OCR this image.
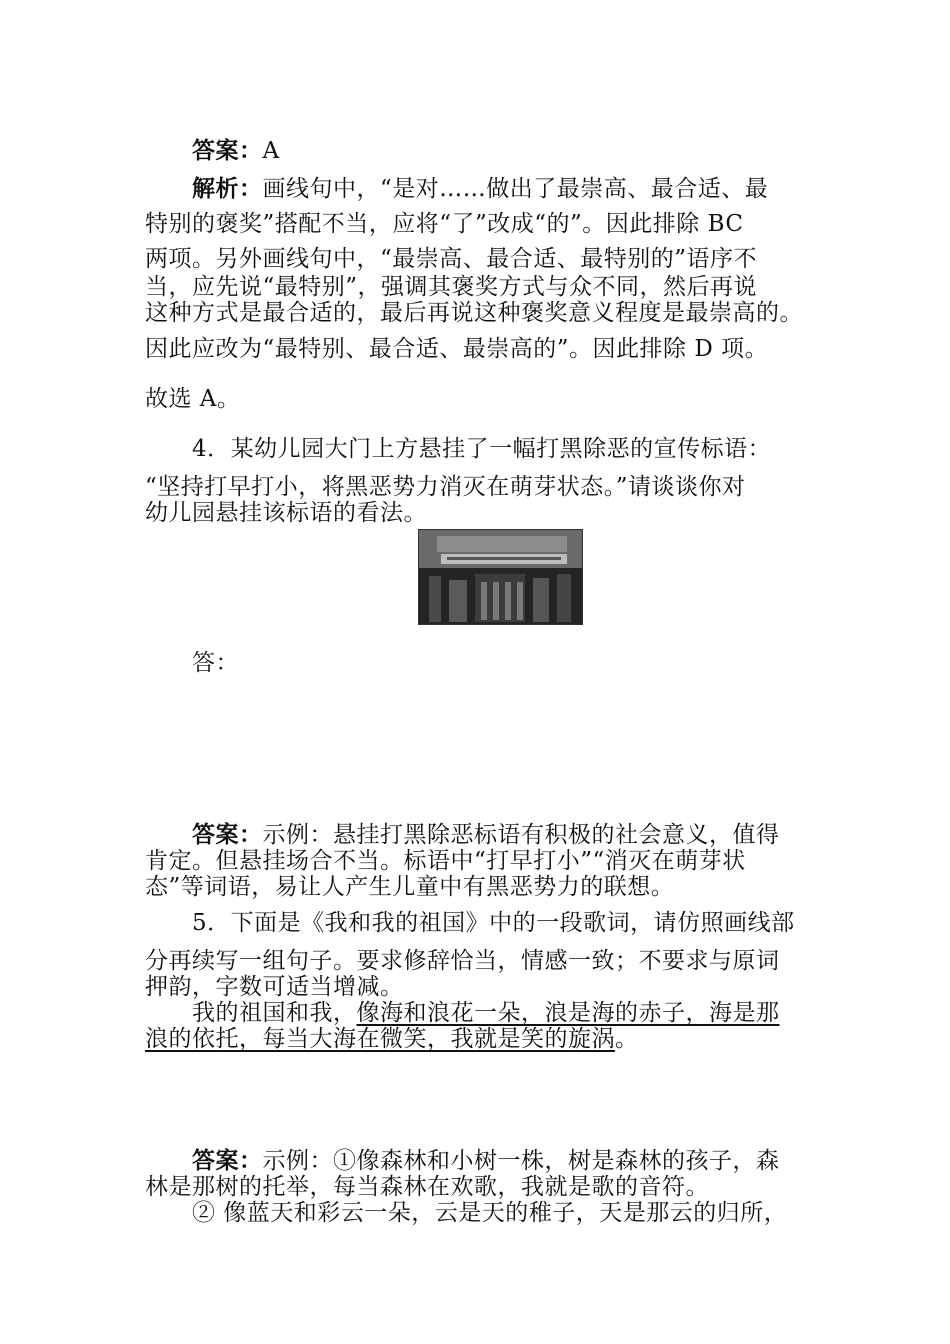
答案：A
解析：画线句中，“是对……做出了最崇高、最合适、最
特别的褒奖”搭配不当，应将“了”改成“的”。因此排除 BC
两项。另外画线句中，“最崇高、最合适、最特别的”语序不
当，应先说“最特别”，强调其褒奖方式与众不同，然后再说
这种方式是最合适的，最后再说这种褒奖意义程度是最崇高的。
因此应改为“最特别、最合适、最崇高的”。因此排除 D 项。
故选 A。
4．某幼儿园大门上方悬挂了一幅打黑除恶的宣传标语：
“坚持打早打小，将黑恶势力消灭在萌芽状态。”请谈谈你对
幼儿园悬挂该标语的看法。
答：
答案：示例：悬挂打黑除恶标语有积极的社会意义，值得
肯定。但悬挂场合不当。标语中“打早打小”“消灭在萌芽状
态”等词语，易让人产生儿童中有黑恶势力的联想。
5．下面是《我和我的祖国》中的一段歌词，请仿照画线部
分再续写一组句子。要求修辞恰当，情感一致；不要求与原词
押韵，字数可适当增减。
我的祖国和我，像海和浪花一朵，浪是海的赤子，海是那
浪的依托，每当大海在微笑，我就是笑的旋涡。
答案：示例：①像森林和小树一株，树是森林的孩子，森
林是那树的托举，每当森林在欢歌，我就是歌的音符。
② 像蓝天和彩云一朵，云是天的稚子，天是那云的归所，
